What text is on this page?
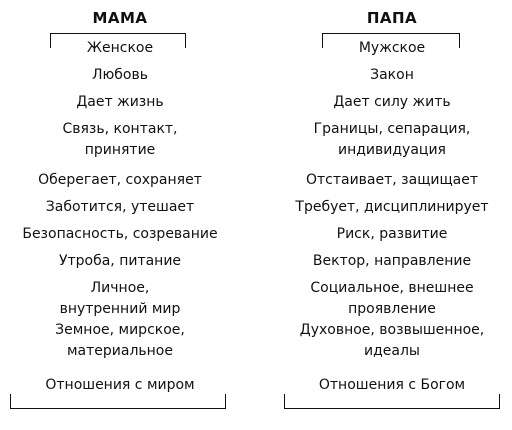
МАМА
Женское
Любовь
Дает жизнь
Связь, контакт,
принятие
Оберегает, сохраняет
Заботится, утешает
Безопасность, созревание
Утроба, питание
Личное,
внутренний мир
Земное, мирское,
материальное
Отношения с миром
ПАПА
Мужское
Закон
Дает силу жить
Границы, сепарация,
индивидуация
Отстаивает, защищает
Требует, дисциплинирует
Риск, развитие
Вектор, направление
Социальное, внешнее
проявление
Духовное, возвышенное,
идеалы
Отношения с Богом
